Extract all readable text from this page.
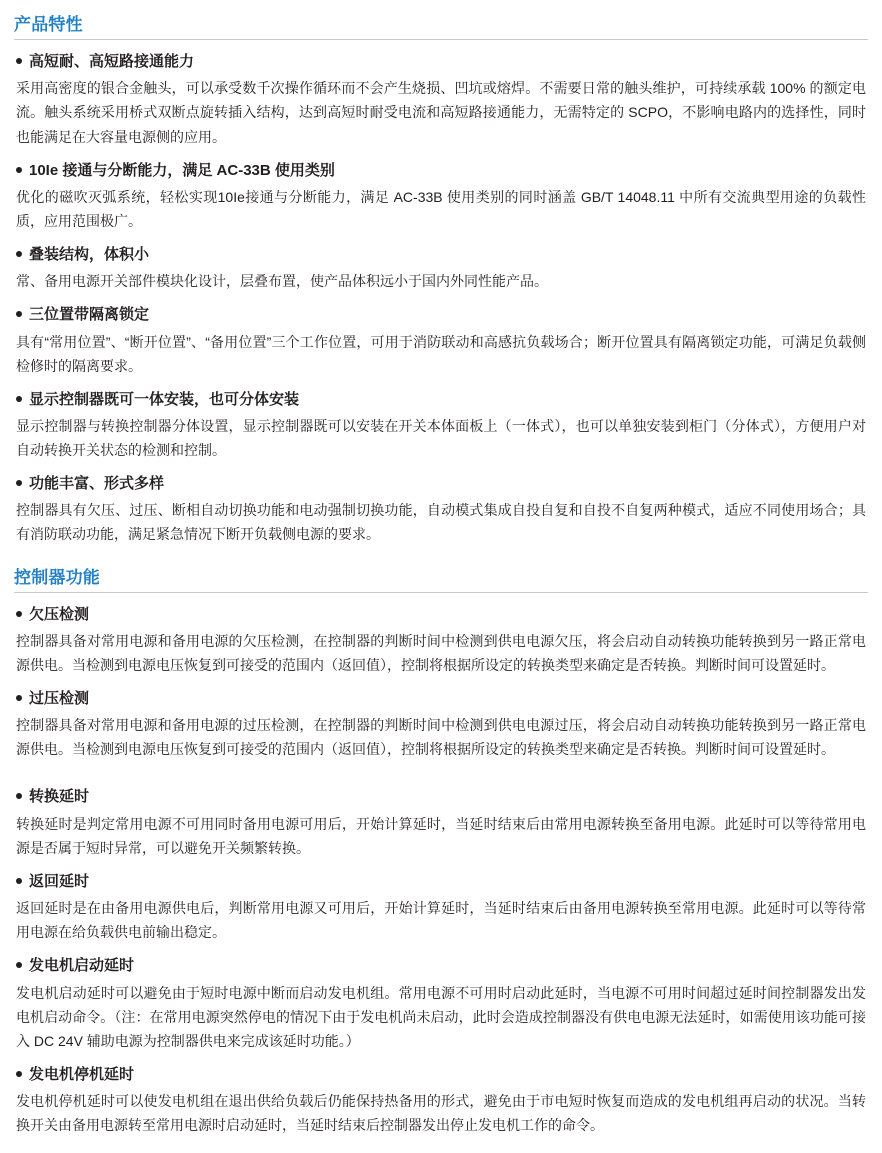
产品特性
高短耐、高短路接通能力
采用高密度的银合金触头，可以承受数千次操作循环而不会产生烧损、凹坑或熔焊。不需要日常的触头维护，可持续承载 100% 的额定电流。触头系统采用桥式双断点旋转插入结构，达到高短时耐受电流和高短路接通能力，无需特定的 SCPO，不影响电路内的选择性，同时也能满足在大容量电源侧的应用。
10Ie 接通与分断能力，满足 AC-33B 使用类别
优化的磁吹灭弧系统，轻松实现10Ie接通与分断能力，满足 AC-33B 使用类别的同时涵盖 GB/T 14048.11 中所有交流典型用途的负载性质，应用范围极广。
叠装结构，体积小
常、备用电源开关部件模块化设计，层叠布置，使产品体积远小于国内外同性能产品。
三位置带隔离锁定
具有“常用位置”、“断开位置”、“备用位置”三个工作位置，可用于消防联动和高感抗负载场合；断开位置具有隔离锁定功能，可满足负载侧检修时的隔离要求。
显示控制器既可一体安装，也可分体安装
显示控制器与转换控制器分体设置，显示控制器既可以安装在开关本体面板上（一体式），也可以单独安装到柜门（分体式），方便用户对自动转换开关状态的检测和控制。
功能丰富、形式多样
控制器具有欠压、过压、断相自动切换功能和电动强制切换功能，自动模式集成自投自复和自投不自复两种模式，适应不同使用场合；具有消防联动功能，满足紧急情况下断开负载侧电源的要求。
控制器功能
欠压检测
控制器具备对常用电源和备用电源的欠压检测，在控制器的判断时间中检测到供电电源欠压，将会启动自动转换功能转换到另一路正常电源供电。当检测到电源电压恢复到可接受的范围内（返回值），控制将根据所设定的转换类型来确定是否转换。判断时间可设置延时。
过压检测
控制器具备对常用电源和备用电源的过压检测，在控制器的判断时间中检测到供电电源过压，将会启动自动转换功能转换到另一路正常电源供电。当检测到电源电压恢复到可接受的范围内（返回值），控制将根据所设定的转换类型来确定是否转换。判断时间可设置延时。
转换延时
转换延时是判定常用电源不可用同时备用电源可用后，开始计算延时，当延时结束后由常用电源转换至备用电源。此延时可以等待常用电源是否属于短时异常，可以避免开关频繁转换。
返回延时
返回延时是在由备用电源供电后，判断常用电源又可用后，开始计算延时，当延时结束后由备用电源转换至常用电源。此延时可以等待常用电源在给负载供电前输出稳定。
发电机启动延时
发电机启动延时可以避免由于短时电源中断而启动发电机组。常用电源不可用时启动此延时，当电源不可用时间超过延时间控制器发出发电机启动命令。（注：在常用电源突然停电的情况下由于发电机尚未启动，此时会造成控制器没有供电电源无法延时，如需使用该功能可接入 DC 24V 辅助电源为控制器供电来完成该延时功能。）
发电机停机延时
发电机停机延时可以使发电机组在退出供给负载后仍能保持热备用的形式，避免由于市电短时恢复而造成的发电机组再启动的状况。当转换开关由备用电源转至常用电源时启动延时，当延时结束后控制器发出停止发电机工作的命令。
